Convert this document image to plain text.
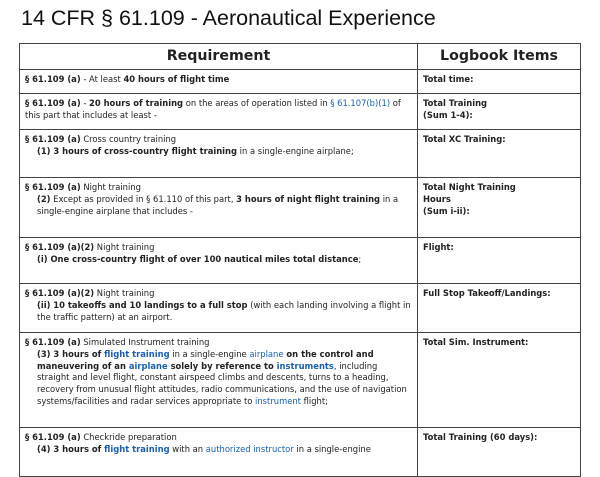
14 CFR § 61.109 - Aeronautical Experience
Requirement	Logbook Items
§ 61.109 (a) - At least 40 hours of flight time	Total time:
§ 61.109 (a) - 20 hours of training on the areas of operation listed in § 61.107(b)(1) of this part that includes at least -	Total Training
(Sum 1-4):
§ 61.109 (a) Cross country training
(1) 3 hours of cross-country flight training in a single-engine airplane;	Total XC Training:
§ 61.109 (a) Night training
(2) Except as provided in § 61.110 of this part, 3 hours of night flight training in a single-engine airplane that includes -	Total Night Training
Hours
(Sum i-ii):
§ 61.109 (a)(2) Night training
(i) One cross-country flight of over 100 nautical miles total distance;	Flight:
§ 61.109 (a)(2) Night training
(ii) 10 takeoffs and 10 landings to a full stop (with each landing involving a flight in the traffic pattern) at an airport.	Full Stop Takeoff/Landings:
§ 61.109 (a) Simulated Instrument training
(3) 3 hours of flight training in a single-engine airplane on the control and maneuvering of an airplane solely by reference to instruments, including straight and level flight, constant airspeed climbs and descents, turns to a heading, recovery from unusual flight attitudes, radio communications, and the use of navigation systems/facilities and radar services appropriate to instrument flight;	Total Sim. Instrument:
§ 61.109 (a) Checkride preparation
(4) 3 hours of flight training with an authorized instructor in a single-engine	Total Training (60 days):
